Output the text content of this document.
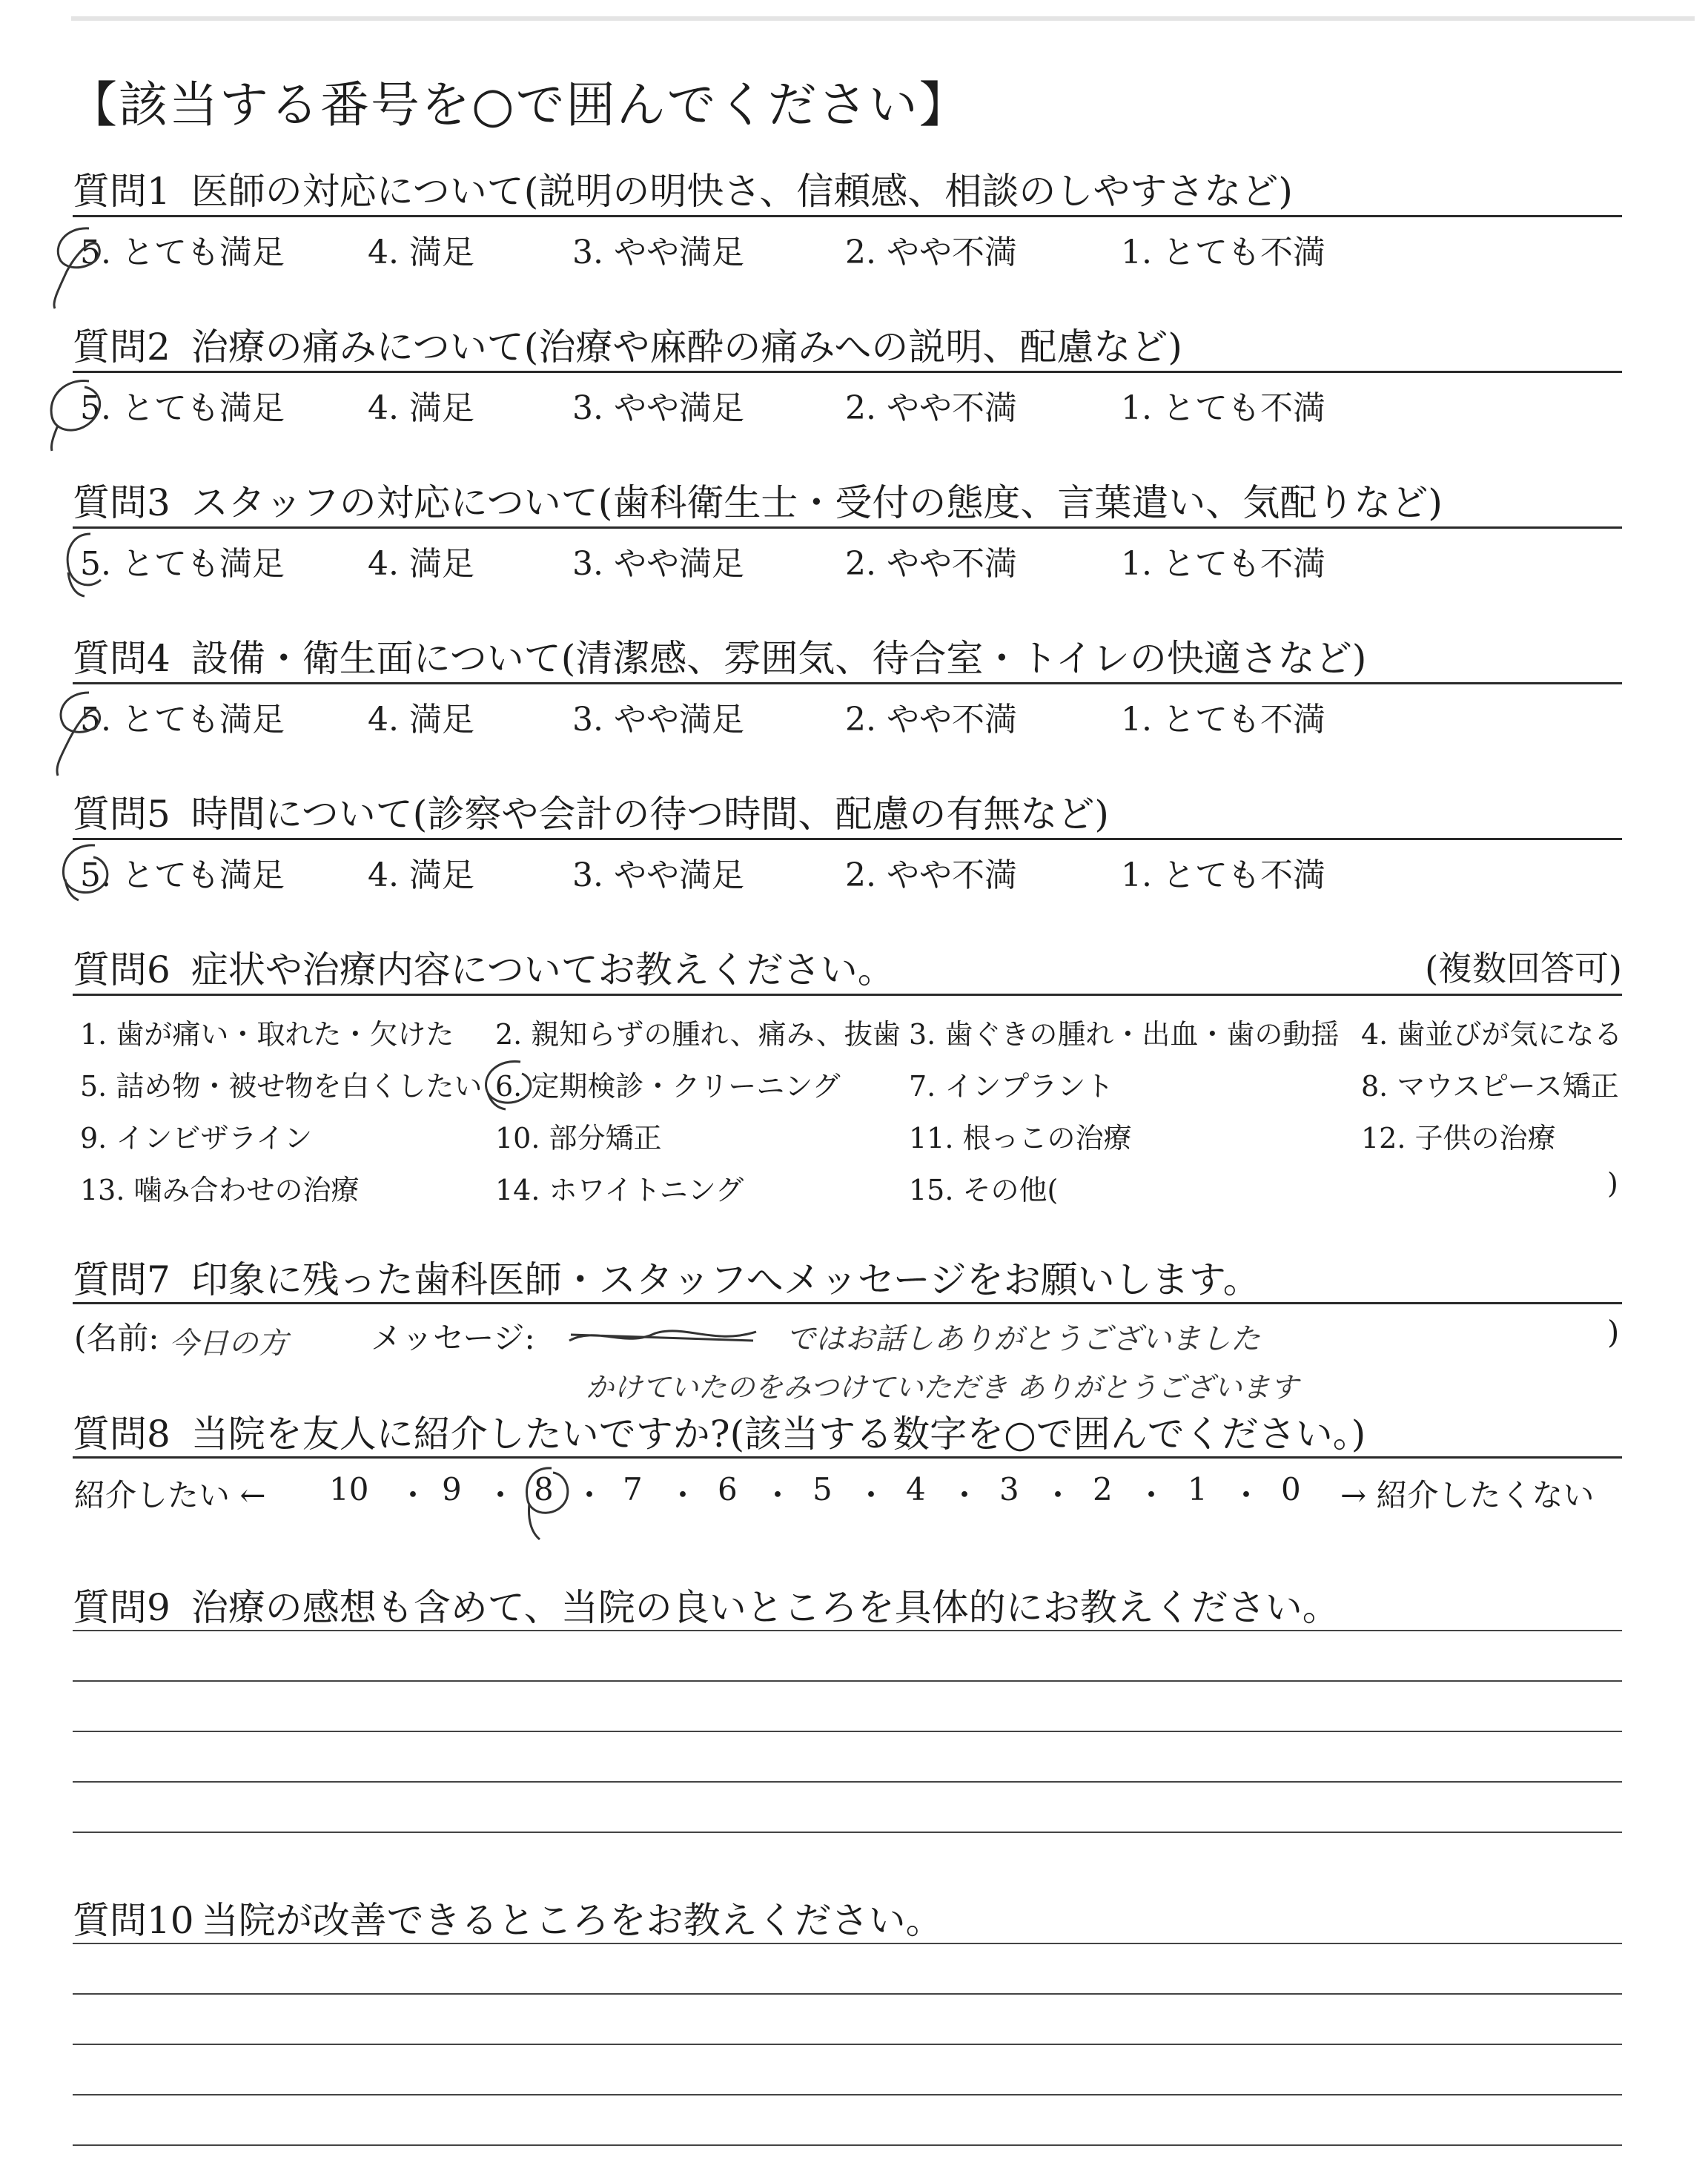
【該当する番号を○で囲んでください】
質問1 医師の対応について(説明の明快さ、信頼感、相談のしやすさなど)
5. とても満足	4. 満足	3. やや満足	2. やや不満	1. とても不満
質問2 治療の痛みについて(治療や麻酔の痛みへの説明、配慮など)
5. とても満足	4. 満足	3. やや満足	2. やや不満	1. とても不満
質問3 スタッフの対応について(歯科衛生士・受付の態度、言葉遣い、気配りなど)
5. とても満足	4. 満足	3. やや満足	2. やや不満	1. とても不満
質問4 設備・衛生面について(清潔感、雰囲気、待合室・トイレの快適さなど)
5. とても満足	4. 満足	3. やや満足	2. やや不満	1. とても不満
質問5 時間について(診察や会計の待つ時間、配慮の有無など)
5. とても満足	4. 満足	3. やや満足	2. やや不満	1. とても不満
質問6 症状や治療内容についてお教えください。	(複数回答可)
1. 歯が痛い・取れた・欠けた 2. 親知らずの腫れ、痛み、抜歯 3. 歯ぐきの腫れ・出血・歯の動揺 4. 歯並びが気になる
5. 詰め物・被せ物を白くしたい 6. 定期検診・クリーニング 7. インプラント	8. マウスピース矯正
9. インビザライン	10. 部分矯正	11. 根っこの治療	12. 子供の治療
13. 噛み合わせの治療	14. ホワイトニング	15. その他(	)
質問7 印象に残った歯科医師・スタッフへメッセージをお願いします。
(名前: 今日の方	メッセージ:	ではお話しありがとうございました
かけていたのをみつけていただき ありがとうございます
)
質問8 当院を友人に紹介したいですか?(該当する数字を○で囲んでください。)
紹介したい ← 10 ・ 9 ・ 8 ・ 7 ・ 6 ・ 5 ・ 4 ・ 3 ・ 2 ・ 1 ・ 0 → 紹介したくない
質問9 治療の感想も含めて、当院の良いところを具体的にお教えください。
質問10 当院が改善できるところをお教えください。
